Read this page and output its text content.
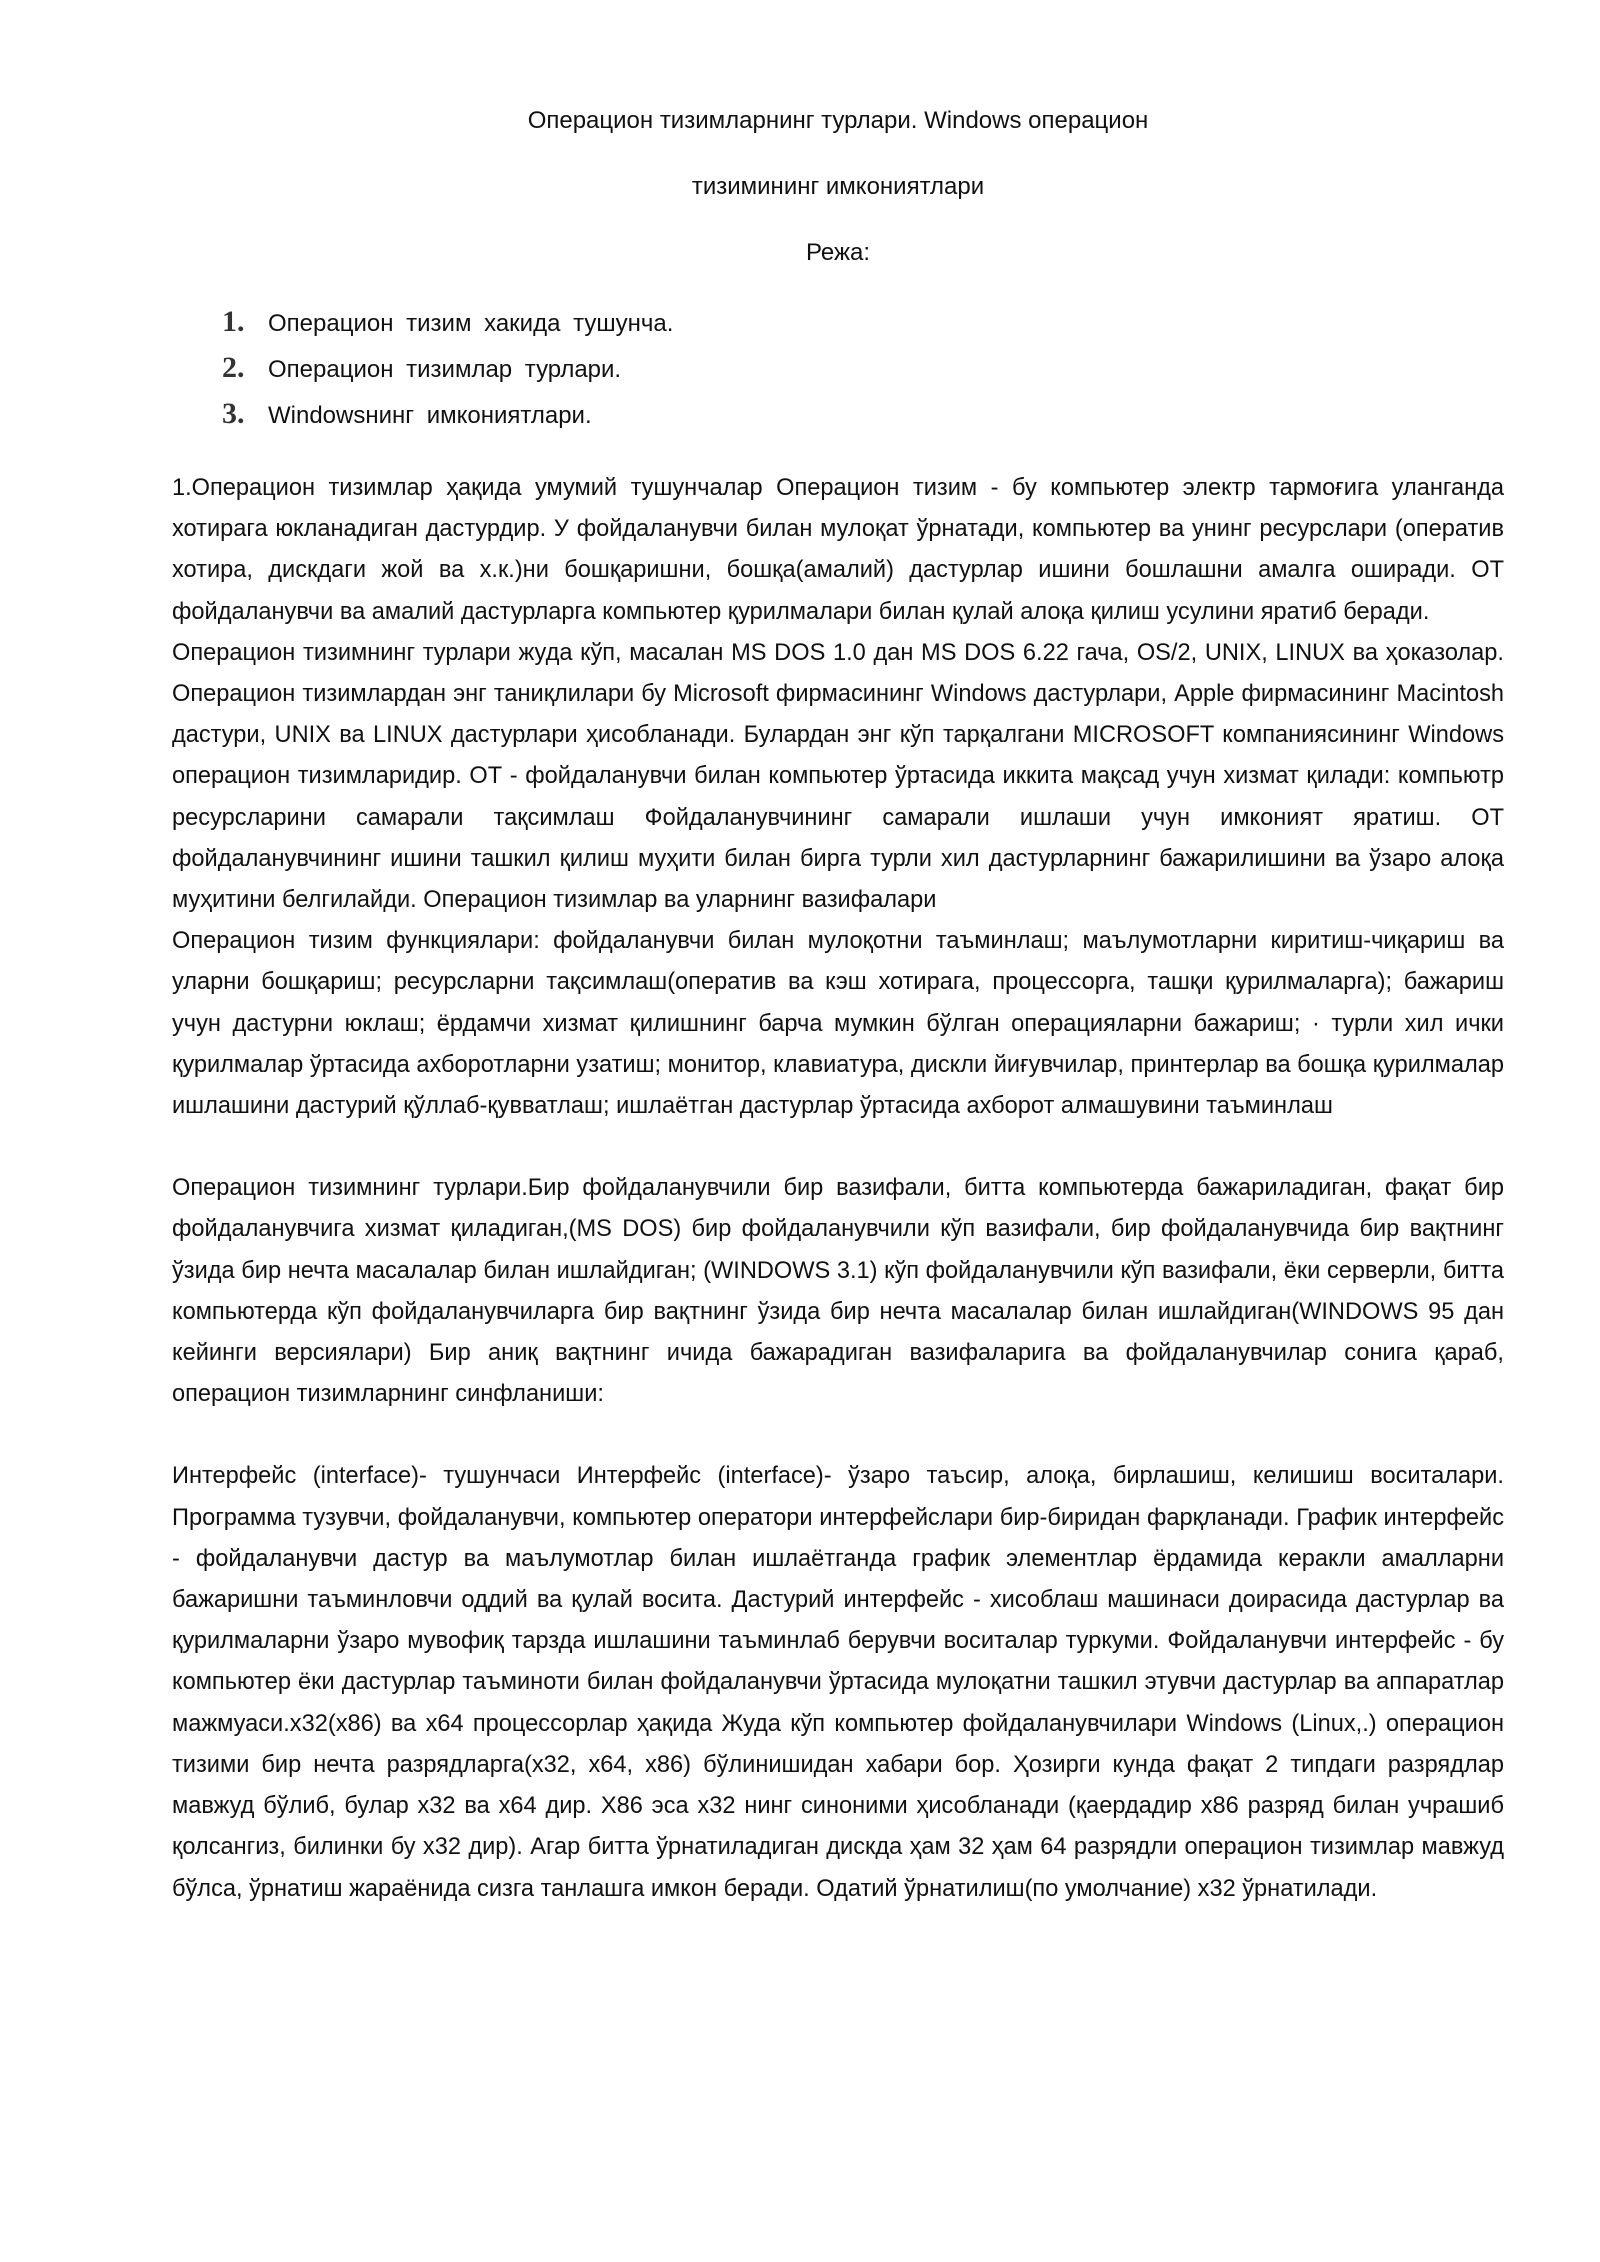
Операцион тизимларнинг турлари. Windows операцион
тизимининг имкониятлари
Режа:
1. Операцион тизим хакида тушунча.
2. Операцион тизимлар турлари.
3. Windowsнинг имкониятлари.

1.Операцион тизимлар ҳақида умумий тушунчалар Операцион тизим - бу компьютер электр тармоғига уланганда хотирага юкланадиган дастурдир. У фойдаланувчи билан мулоқат ўрнатади, компьютер ва унинг ресурслари (оператив хотира, дискдаги жой ва х.к.)ни бошқаришни, бошқа(амалий) дастурлар ишини бошлашни амалга оширади. ОТ фойдаланувчи ва амалий дастурларга компьютер қурилмалари билан қулай алоқа қилиш усулини яратиб беради.

Операцион тизимнинг турлари жуда кўп, масалан MS DOS 1.0 дан MS DOS 6.22 гача, OS/2, UNIX, LINUX ва ҳоказолар. Операцион тизимлардан энг таниқлилари бу Microsoft фирмасининг Windows дастурлари, Apple фирмасининг Macintosh дастури, UNIX ва LINUX дастурлари ҳисобланади. Булардан энг кўп тарқалгани MICROSOFT компаниясининг Windows операцион тизимларидир. ОТ - фойдаланувчи билан компьютер ўртасида иккита мақсад учун хизмат қилади: компьютр ресурсларини самарали тақсимлаш Фойдаланувчининг самарали ишлаши учун имконият яратиш. ОТ фойдаланувчининг ишини ташкил қилиш муҳити билан бирга турли хил дастурларнинг бажарилишини ва ўзаро алоқа муҳитини белгилайди. Операцион тизимлар ва уларнинг вазифалари

Операцион тизим функциялари: фойдаланувчи билан мулоқотни таъминлаш; маълумотларни киритиш-чиқариш ва уларни бошқариш; ресурсларни тақсимлаш(оператив ва кэш хотирага, процессорга, ташқи қурилмаларга); бажариш учун дастурни юклаш; ёрдамчи хизмат қилишнинг барча мумкин бўлган операцияларни бажариш; · турли хил ички қурилмалар ўртасида ахборотларни узатиш; монитор, клавиатура, дискли йиғувчилар, принтерлар ва бошқа қурилмалар ишлашини дастурий қўллаб-қувватлаш; ишлаётган дастурлар ўртасида ахборот алмашувини таъминлаш

Операцион тизимнинг турлари.Бир фойдаланувчили бир вазифали, битта компьютерда бажариладиган, фақат бир фойдаланувчига хизмат қиладиган,(MS DOS) бир фойдаланувчили кўп вазифали, бир фойдаланувчида бир вақтнинг ўзида бир нечта масалалар билан ишлайдиган; (WINDOWS 3.1) кўп фойдаланувчили кўп вазифали, ёки серверли, битта компьютерда кўп фойдаланувчиларга бир вақтнинг ўзида бир нечта масалалар билан ишлайдиган(WINDOWS 95 дан кейинги версиялари) Бир аниқ вақтнинг ичида бажарадиган вазифаларига ва фойдаланувчилар сонига қараб, операцион тизимларнинг синфланиши:

Интерфейс (interface)- тушунчаси Интерфейс (interface)- ўзаро таъсир, алоқа, бирлашиш, келишиш воситалари. Программа тузувчи, фойдаланувчи, компьютер оператори интерфейслари бир-биридан фарқланади. График интерфейс - фойдаланувчи дастур ва маълумотлар билан ишлаётганда график элементлар ёрдамида керакли амалларни бажаришни таъминловчи оддий ва қулай восита. Дастурий интерфейс - хисоблаш машинаси доирасида дастурлар ва қурилмаларни ўзаро мувофиқ тарзда ишлашини таъминлаб берувчи воситалар туркуми. Фойдаланувчи интерфейс - бу компьютер ёки дастурлар таъминоти билан фойдаланувчи ўртасида мулоқатни ташкил этувчи дастурлар ва аппаратлар мажмуаси.x32(x86) ва x64 процессорлар ҳақида Жуда кўп компьютер фойдаланувчилари Windows (Linux,.) операцион тизими бир нечта разрядларга(x32, x64, x86) бўлинишидан хабари бор. Ҳозирги кунда фақат 2 типдаги разрядлар мавжуд бўлиб, булар x32 ва x64 дир. X86 эса x32 нинг синоними ҳисобланади (қаердадир x86 разряд билан учрашиб қолсангиз, билинки бу x32 дир). Агар битта ўрнатиладиган дискда ҳам 32 ҳам 64 разрядли операцион тизимлар мавжуд бўлса, ўрнатиш жараёнида сизга танлашга имкон беради. Одатий ўрнатилиш(по умолчание) x32 ўрнатилади.
